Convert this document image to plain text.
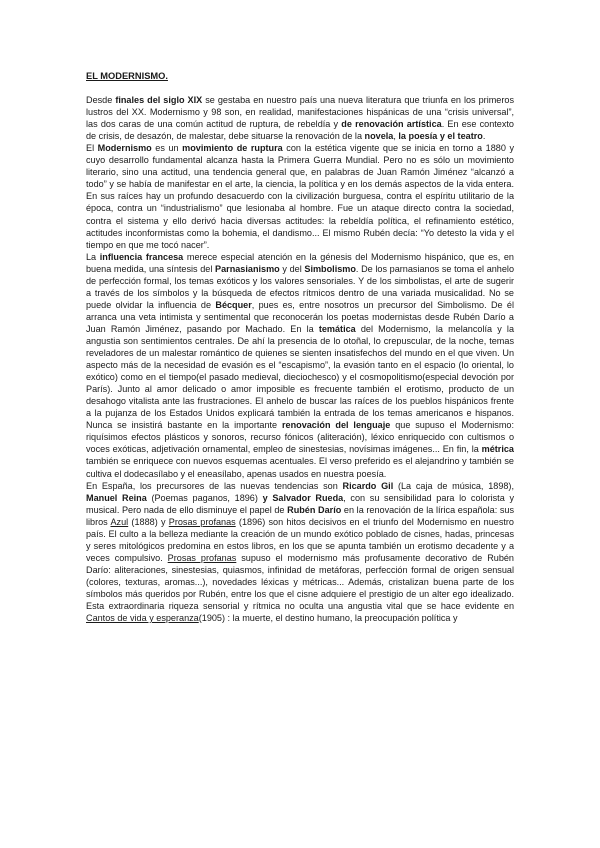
EL MODERNISMO.

Desde finales del siglo XIX se gestaba en nuestro país una nueva literatura que triunfa en los primeros lustros del XX. Modernismo y 98 son, en realidad, manifestaciones hispánicas de una “crisis universal”, las dos caras de una común actitud de ruptura, de rebeldía y de renovación artística. En ese contexto de crisis, de desazón, de malestar, debe situarse la renovación de la novela, la poesía y el teatro.

El Modernismo es un movimiento de ruptura con la estética vigente que se inicia en torno a 1880 y cuyo desarrollo fundamental alcanza hasta la Primera Guerra Mundial. Pero no es sólo un movimiento literario, sino una actitud, una tendencia general que, en palabras de Juan Ramón Jiménez “alcanzó a todo” y se había de manifestar en el arte, la ciencia, la política y en los demás aspectos de la vida entera. En sus raíces hay un profundo desacuerdo con la civilización burguesa, contra el espíritu utilitario de la época, contra un “industrialismo” que lesionaba al hombre. Fue un ataque directo contra la sociedad, contra el sistema y ello derivó hacia diversas actitudes: la rebeldía política, el refinamiento estético, actitudes inconformistas como la bohemia, el dandismo... El mismo Rubén decía: “Yo detesto la vida y el tiempo en que me tocó nacer”.

La influencia francesa merece especial atención en la génesis del Modernismo hispánico, que es, en buena medida, una síntesis del Parnasianismo y del Simbolismo. De los parnasianos se toma el anhelo de perfección formal, los temas exóticos y los valores sensoriales. Y de los simbolistas, el arte de sugerir a través de los símbolos y la búsqueda de efectos rítmicos dentro de una variada musicalidad. No se puede olvidar la influencia de Bécquer, pues es, entre nosotros un precursor del Simbolismo. De él arranca una veta intimista y sentimental que reconocerán los poetas modernistas desde Rubén Darío a Juan Ramón Jiménez, pasando por Machado. En la temática del Modernismo, la melancolía y la angustia son sentimientos centrales. De ahí la presencia de lo otoñal, lo crepuscular, de la noche, temas reveladores de un malestar romántico de quienes se sienten insatisfechos del mundo en el que viven. Un aspecto más de la necesidad de evasión es el “escapismo”, la evasión tanto en el espacio (lo oriental, lo exótico) como en el tiempo(el pasado medieval, dieciochesco) y el cosmopolitismo(especial devoción por París). Junto al amor delicado o amor imposible es frecuente también el erotismo, producto de un desahogo vitalista ante las frustraciones. El anhelo de buscar las raíces de los pueblos hispánicos frente a la pujanza de los Estados Unidos explicará también la entrada de los temas americanos e hispanos. Nunca se insistirá bastante en la importante renovación del lenguaje que supuso el Modernismo: riquísimos efectos plásticos y sonoros, recurso fónicos (aliteración), léxico enriquecido con cultismos o voces exóticas, adjetivación ornamental, empleo de sinestesias, novísimas imágenes... En fin, la métrica también se enriquece con nuevos esquemas acentuales. El verso preferido es el alejandrino y también se cultiva el dodecasílabo y el eneasílabo, apenas usados en nuestra poesía.

En España, los precursores de las nuevas tendencias son Ricardo Gil (La caja de música, 1898), Manuel Reina (Poemas paganos, 1896) y Salvador Rueda, con su sensibilidad para lo colorista y musical. Pero nada de ello disminuye el papel de Rubén Darío en la renovación de la lírica española: sus libros Azul (1888) y Prosas profanas (1896) son hitos decisivos en el triunfo del Modernismo en nuestro país. El culto a la belleza mediante la creación de un mundo exótico poblado de cisnes, hadas, princesas y seres mitológicos predomina en estos libros, en los que se apunta también un erotismo decadente y a veces compulsivo. Prosas profanas supuso el modernismo más profusamente decorativo de Rubén Darío: aliteraciones, sinestesias, quiasmos, infinidad de metáforas, perfección formal de origen sensual (colores, texturas, aromas...), novedades léxicas y métricas... Además, cristalizan buena parte de los símbolos más queridos por Rubén, entre los que el cisne adquiere el prestigio de un alter ego idealizado. Esta extraordinaria riqueza sensorial y rítmica no oculta una angustia vital que se hace evidente en Cantos de vida y esperanza(1905) : la muerte, el destino humano, la preocupación política y
